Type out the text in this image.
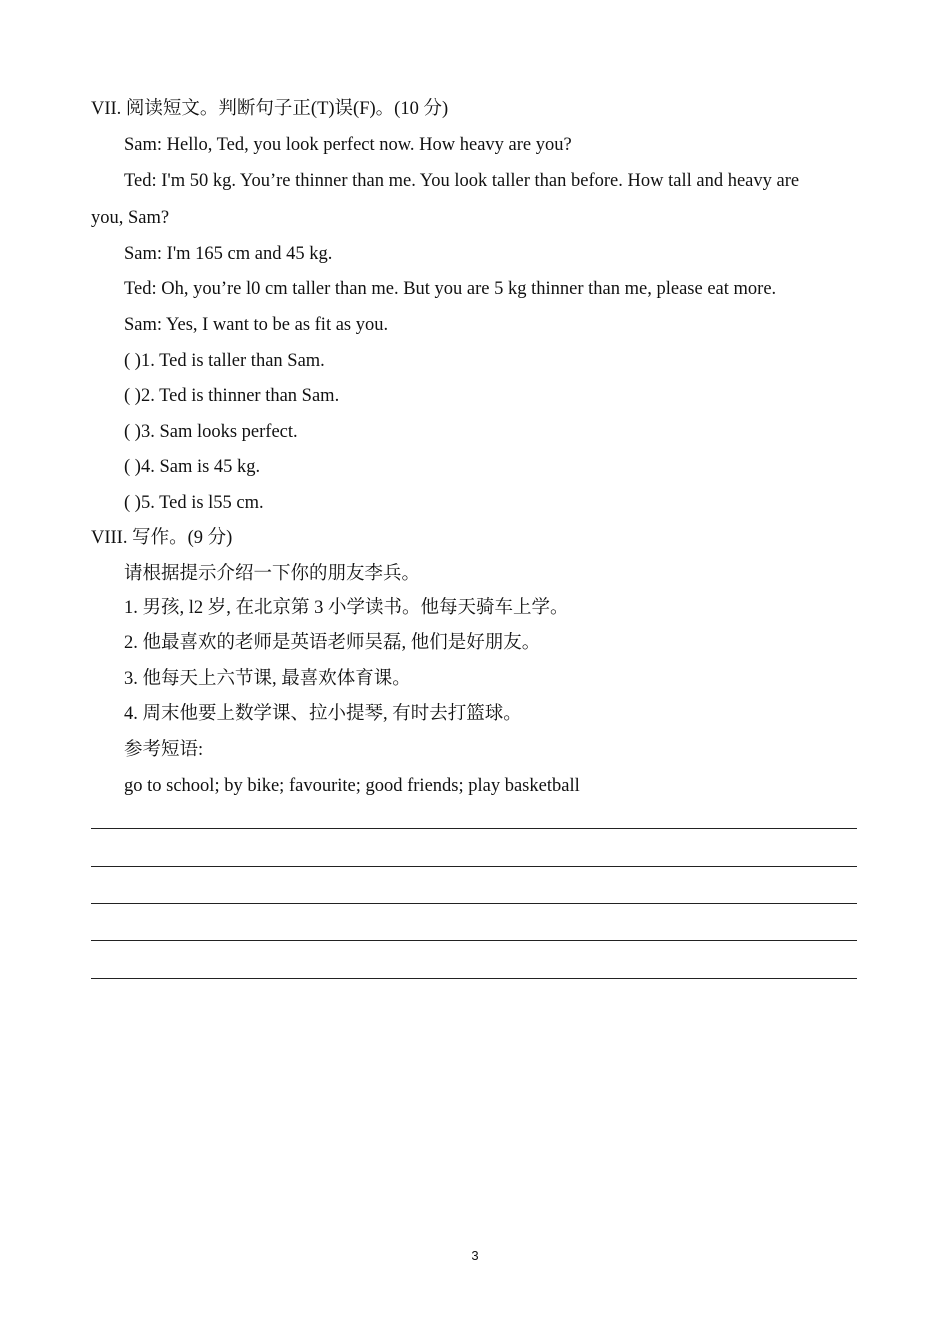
VII. 阅读短文。判断句子正(T)误(F)。(10 分)

Sam: Hello, Ted, you look perfect now. How heavy are you?

Ted: I'm 50 kg. You’re thinner than me. You look taller than before. How tall and heavy are

you, Sam?

Sam: I'm 165 cm and 45 kg.

Ted: Oh, you’re l0 cm taller than me. But you are 5 kg thinner than me, please eat more.

Sam: Yes, I want to be as fit as you.

( )1. Ted is taller than Sam.

( )2. Ted is thinner than Sam.

( )3. Sam looks perfect.

( )4. Sam is 45 kg.

( )5. Ted is l55 cm.

VIII. 写作。(9 分)

请根据提示介绍一下你的朋友李兵。

1. 男孩, l2 岁, 在北京第 3 小学读书。他每天骑车上学。

2. 他最喜欢的老师是英语老师吴磊, 他们是好朋友。

3. 他每天上六节课, 最喜欢体育课。

4. 周末他要上数学课、拉小提琴, 有时去打篮球。

参考短语:

go to school; by bike; favourite; good friends; play basketball

3
